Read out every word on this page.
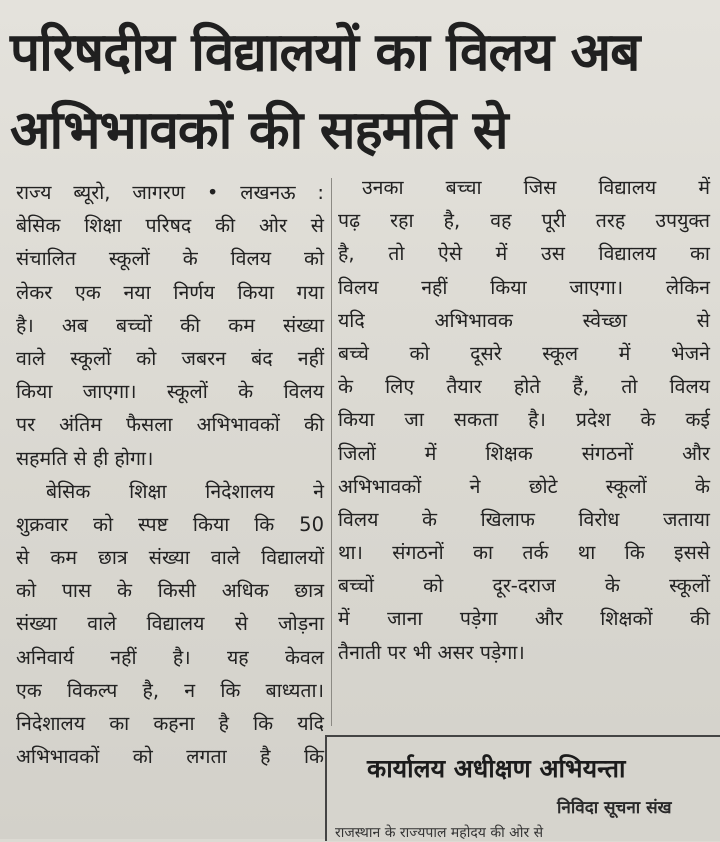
परिषदीय विद्यालयों का विलय अब
अभिभावकों की सहमति से
राज्य ब्यूरो, जागरण • लखनऊ :
बेसिक शिक्षा परिषद की ओर से
संचालित स्कूलों के विलय को
लेकर एक नया निर्णय किया गया
है। अब बच्चों की कम संख्या
वाले स्कूलों को जबरन बंद नहीं
किया जाएगा। स्कूलों के विलय
पर अंतिम फैसला अभिभावकों की
सहमति से ही होगा।
बेसिक शिक्षा निदेशालय ने
शुक्रवार को स्पष्ट किया कि 50
से कम छात्र संख्या वाले विद्यालयों
को पास के किसी अधिक छात्र
संख्या वाले विद्यालय से जोड़ना
अनिवार्य नहीं है। यह केवल
एक विकल्प है, न कि बाध्यता।
निदेशालय का कहना है कि यदि
अभिभावकों को लगता है कि
उनका बच्चा जिस विद्यालय में
पढ़ रहा है, वह पूरी तरह उपयुक्त
है, तो ऐसे में उस विद्यालय का
विलय नहीं किया जाएगा। लेकिन
यदि अभिभावक स्वेच्छा से
बच्चे को दूसरे स्कूल में भेजने
के लिए तैयार होते हैं, तो विलय
किया जा सकता है। प्रदेश के कई
जिलों में शिक्षक संगठनों और
अभिभावकों ने छोटे स्कूलों के
विलय के खिलाफ विरोध जताया
था। संगठनों का तर्क था कि इससे
बच्चों को दूर-दराज के स्कूलों
में जाना पड़ेगा और शिक्षकों की
तैनाती पर भी असर पड़ेगा।
कार्यालय अधीक्षण अभियन्ता
निविदा सूचना संख
राजस्थान के राज्यपाल महोदय की ओर से
